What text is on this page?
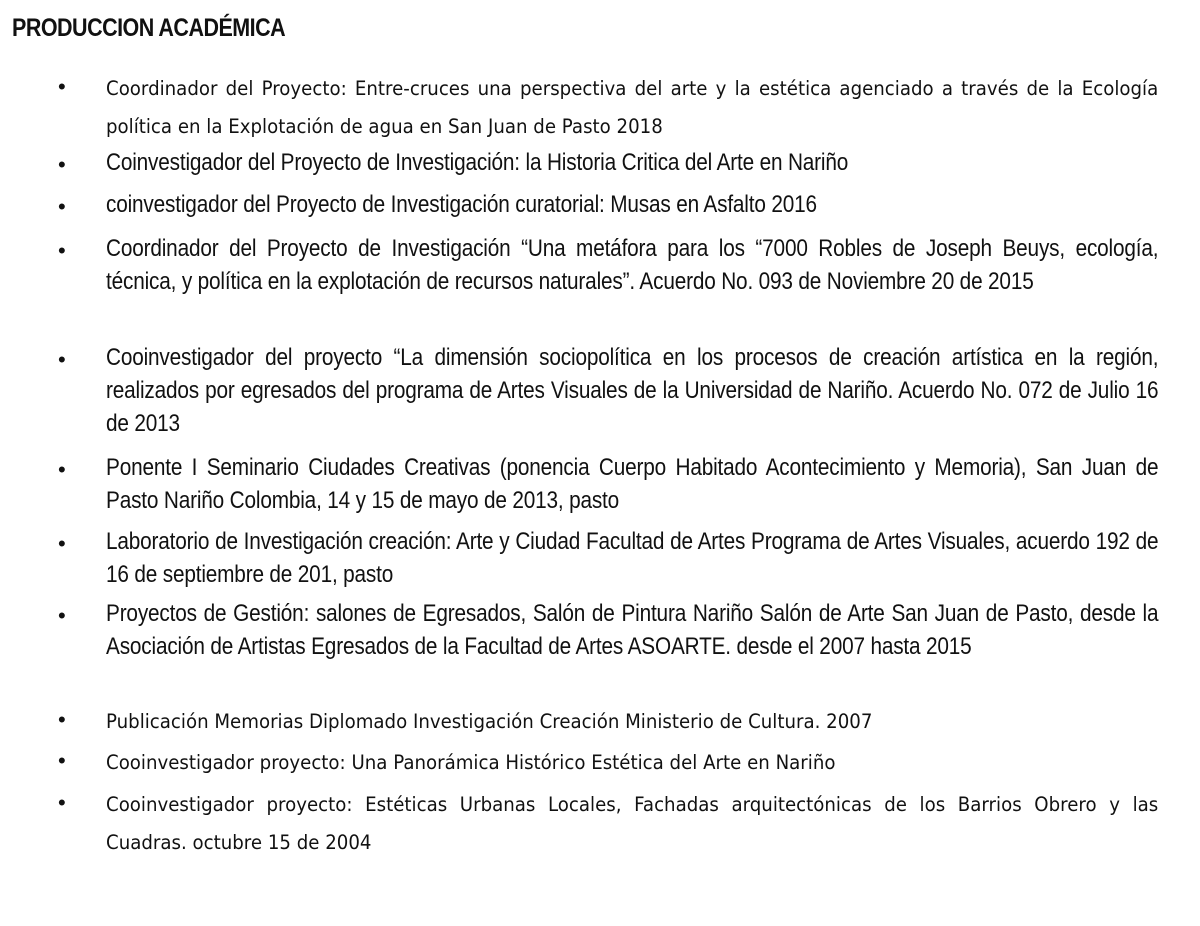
PRODUCCION ACADÉMICA
•	Coordinador del Proyecto: Entre-cruces una perspectiva del arte y la estética agenciado a través de la Ecología política en la Explotación de agua en San Juan de Pasto 2018

•	Coinvestigador del Proyecto de Investigación: la Historia Critica del Arte en Nariño

•	coinvestigador del Proyecto de Investigación curatorial: Musas en Asfalto 2016

•	Coordinador del Proyecto de Investigación “Una metáfora para los “7000 Robles de Joseph Beuys, ecología, técnica, y política en la explotación de recursos naturales”. Acuerdo No. 093 de Noviembre 20 de 2015

•	Cooinvestigador del proyecto “La dimensión sociopolítica en los procesos de creación artística en la región, realizados por egresados del programa de Artes Visuales de la Universidad de Nariño. Acuerdo No. 072 de Julio 16 de 2013

•	Ponente I Seminario Ciudades Creativas (ponencia Cuerpo Habitado Acontecimiento y Memoria), San Juan de Pasto Nariño Colombia, 14 y 15 de mayo de 2013, pasto

•	Laboratorio de Investigación creación: Arte y Ciudad Facultad de Artes Programa de Artes Visuales, acuerdo 192 de 16 de septiembre de 201, pasto

•	Proyectos de Gestión: salones de Egresados, Salón de Pintura Nariño Salón de Arte San Juan de Pasto, desde la Asociación de Artistas Egresados de la Facultad de Artes ASOARTE. desde el 2007 hasta 2015

•	Publicación Memorias Diplomado Investigación Creación Ministerio de Cultura. 2007

•	Cooinvestigador proyecto: Una Panorámica Histórico Estética del Arte en Nariño

•	Cooinvestigador proyecto: Estéticas Urbanas Locales, Fachadas arquitectónicas de los Barrios Obrero y las Cuadras. octubre 15 de 2004
